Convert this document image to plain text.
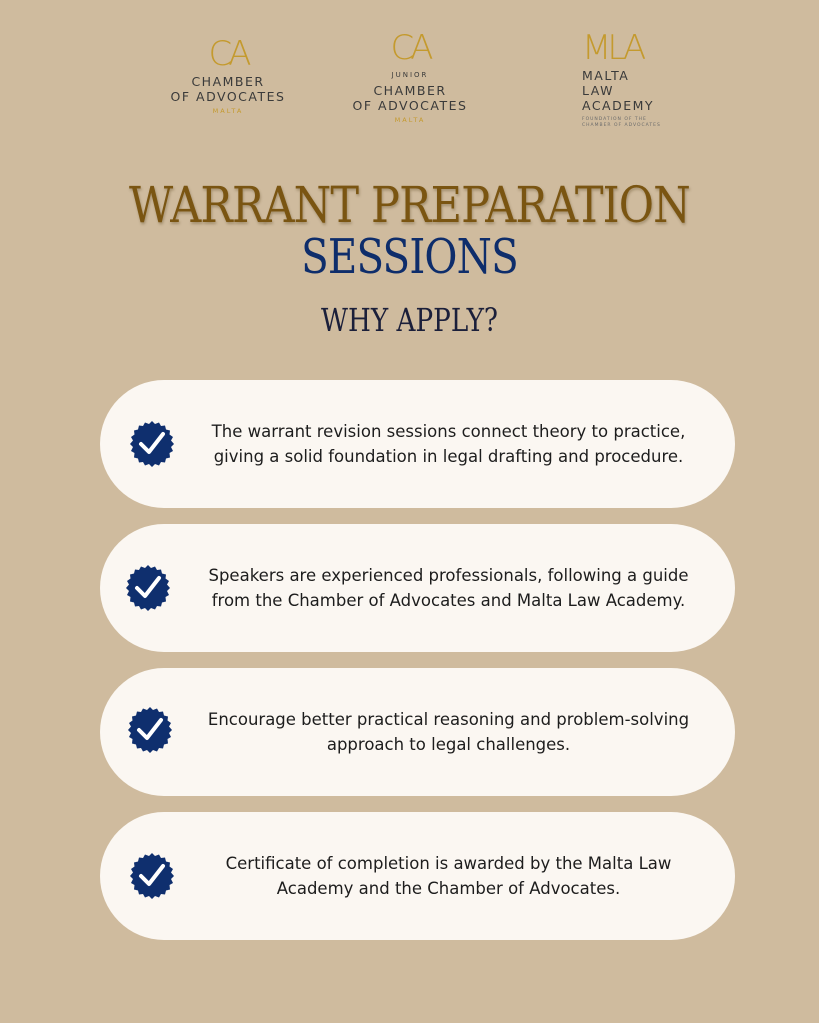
CA
CHAMBER
OF ADVOCATES
MALTA
CA
JUNIOR
CHAMBER
OF ADVOCATES
MALTA
MLA
MALTA
LAW
ACADEMY
FOUNDATION OF THE
CHAMBER OF ADVOCATES
WARRANT PREPARATION
SESSIONS
WHY APPLY?
The warrant revision sessions connect theory to practice, giving a solid foundation in legal drafting and procedure.
Speakers are experienced professionals, following a guide from the Chamber of Advocates and Malta Law Academy.
Encourage better practical reasoning and problem-solving approach to legal challenges.
Certificate of completion is awarded by the Malta Law Academy and the Chamber of Advocates.
